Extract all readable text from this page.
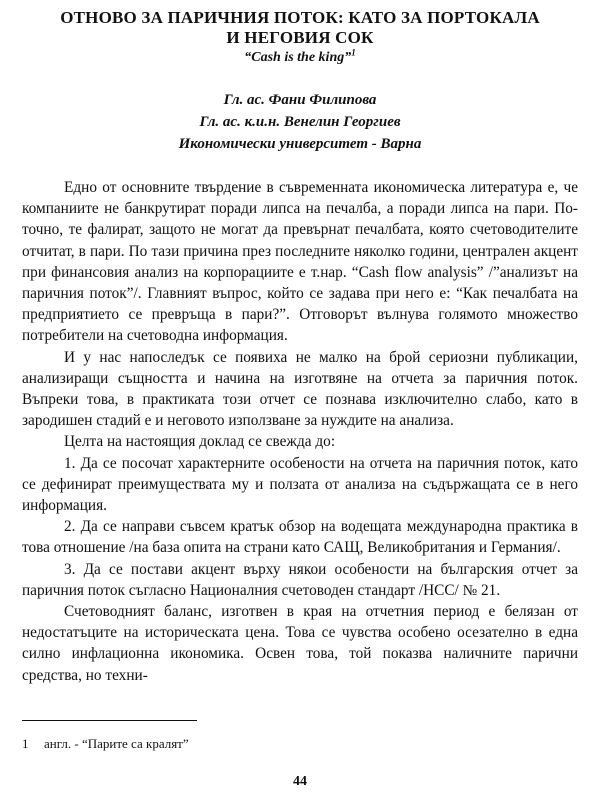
ОТНОВО ЗА ПАРИЧНИЯ ПОТОК: КАТО ЗА ПОРТОКАЛА
И НЕГОВИЯ СОК
“Cash is the king”$^1$
Гл. ас. Фани Филипова
Гл. ас. к.и.н. Венелин Георгиев
Икономически университет - Варна

Едно от основните твърдение в съвременната икономическа литература е, че компаниите не банкрутират поради липса на печалба, а поради липса на пари. По-точно, те фалират, защото не могат да превърнат печалбата, която счетоводителите отчитат, в пари. По тази причина през последните няколко години, централен акцент при финансовия анализ на корпорациите е т.нар. “Cash flow analysis” /”анализът на паричния поток”/. Главният въпрос, който се задава при него е: “Как печалбата на предприятието се превръща в пари?”. Отговорът вълнува голямото множество потребители на счетоводна информация.

И у нас напоследък се появиха не малко на брой сериозни публикации, анализиращи същността и начина на изготвяне на отчета за паричния поток. Въпреки това, в практиката този отчет се познава изключително слабо, като в зародишен стадий е и неговото използване за нуждите на анализа.

Целта на настоящия доклад се свежда до:

1. Да се посочат характерните особености на отчета на паричния поток, като се дефинират преимуществата му и ползата от анализа на съдържащата се в него информация.

2. Да се направи съвсем кратък обзор на водещата международна практика в това отношение /на база опита на страни като САЩ, Великобритания и Германия/.

3. Да се постави акцент върху някои особености на българския отчет за паричния поток съгласно Националния счетоводен стандарт /НСС/ № 21.

Счетоводният баланс, изготвен в края на отчетния период е белязан от недостатъците на историческата цена. Това се чувства особено осезателно в една силно инфлационна икономика. Освен това, той показва наличните парични средства, но техни-

1 англ. - “Парите са кралят”
44
